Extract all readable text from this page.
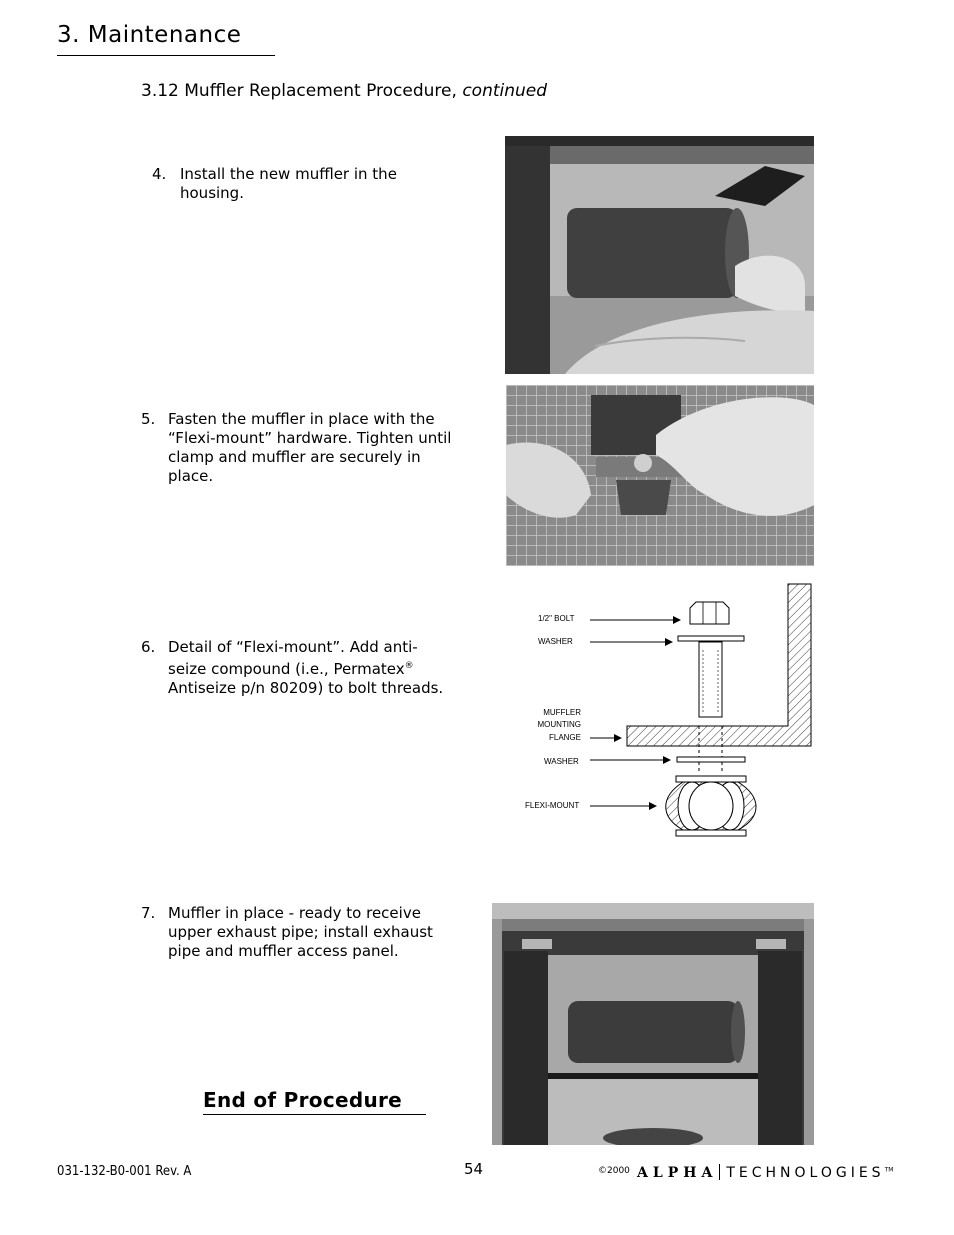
3. Maintenance
3.12 Muffler Replacement Procedure, continued
4. Install the new muffler in the housing.
5. Fasten the muffler in place with the “Flexi-mount” hardware. Tighten until clamp and muffler are securely in place.
6. Detail of “Flexi-mount”. Add anti-seize compound (i.e., Permatex® Antiseize p/n 80209) to bolt threads.
1/2" BOLT
WASHER
MUFFLER
MOUNTING
FLANGE
WASHER
FLEXI-MOUNT
7. Muffler in place - ready to receive upper exhaust pipe; install exhaust pipe and muffler access panel.
End of Procedure
031-132-B0-001 Rev. A	54	©2000 ALPHA TECHNOLOGIES™
